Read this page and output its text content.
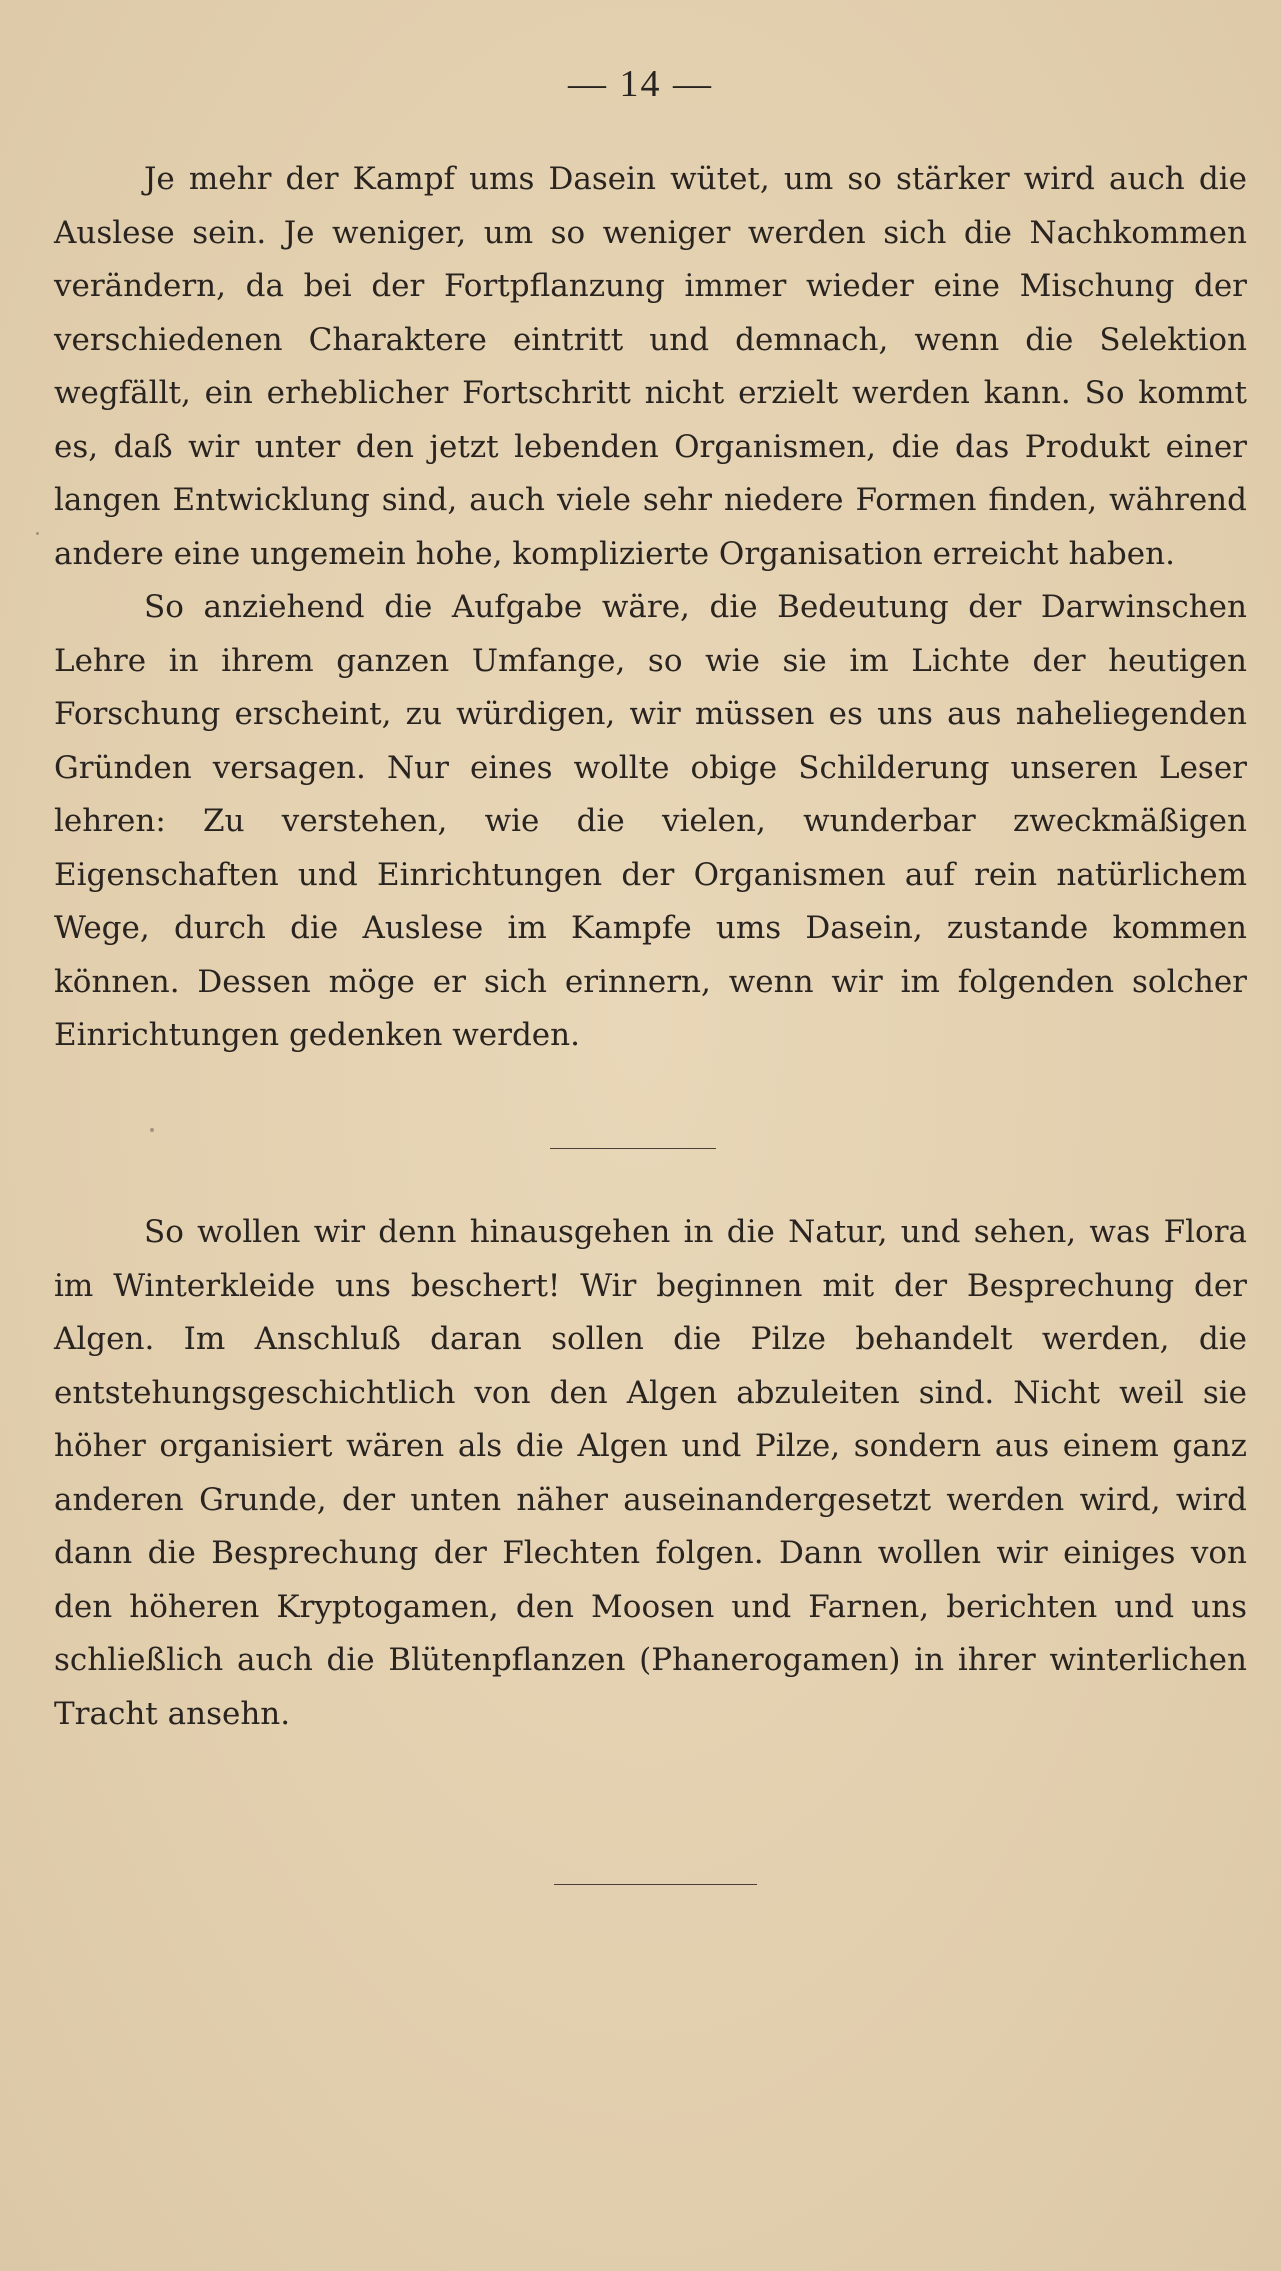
— 14 —

Je mehr der Kampf ums Dasein wütet, um so stärker wird auch die Auslese sein. Je weniger, um so weniger werden sich die Nachkommen verändern, da bei der Fortpflanzung immer wieder eine Mischung der verschiedenen Charaktere eintritt und demnach, wenn die Selektion wegfällt, ein erheblicher Fortschritt nicht erzielt werden kann. So kommt es, daß wir unter den jetzt lebenden Organismen, die das Produkt einer langen Entwicklung sind, auch viele sehr niedere Formen finden, während andere eine ungemein hohe, komplizierte Organisation erreicht haben.

So anziehend die Aufgabe wäre, die Bedeutung der Darwinschen Lehre in ihrem ganzen Umfange, so wie sie im Lichte der heutigen Forschung erscheint, zu würdigen, wir müssen es uns aus naheliegenden Gründen versagen. Nur eines wollte obige Schilderung unseren Leser lehren: Zu verstehen, wie die vielen, wunderbar zweckmäßigen Eigenschaften und Einrichtungen der Organismen auf rein natürlichem Wege, durch die Auslese im Kampfe ums Dasein, zustande kommen können. Dessen möge er sich erinnern, wenn wir im folgenden solcher Einrichtungen gedenken werden.

So wollen wir denn hinausgehen in die Natur, und sehen, was Flora im Winterkleide uns beschert! Wir beginnen mit der Besprechung der Algen. Im Anschluß daran sollen die Pilze behandelt werden, die entstehungsgeschichtlich von den Algen abzuleiten sind. Nicht weil sie höher organisiert wären als die Algen und Pilze, sondern aus einem ganz anderen Grunde, der unten näher auseinandergesetzt werden wird, wird dann die Besprechung der Flechten folgen. Dann wollen wir einiges von den höheren Kryptogamen, den Moosen und Farnen, berichten und uns schließlich auch die Blütenpflanzen (Phanerogamen) in ihrer winterlichen Tracht ansehn.
